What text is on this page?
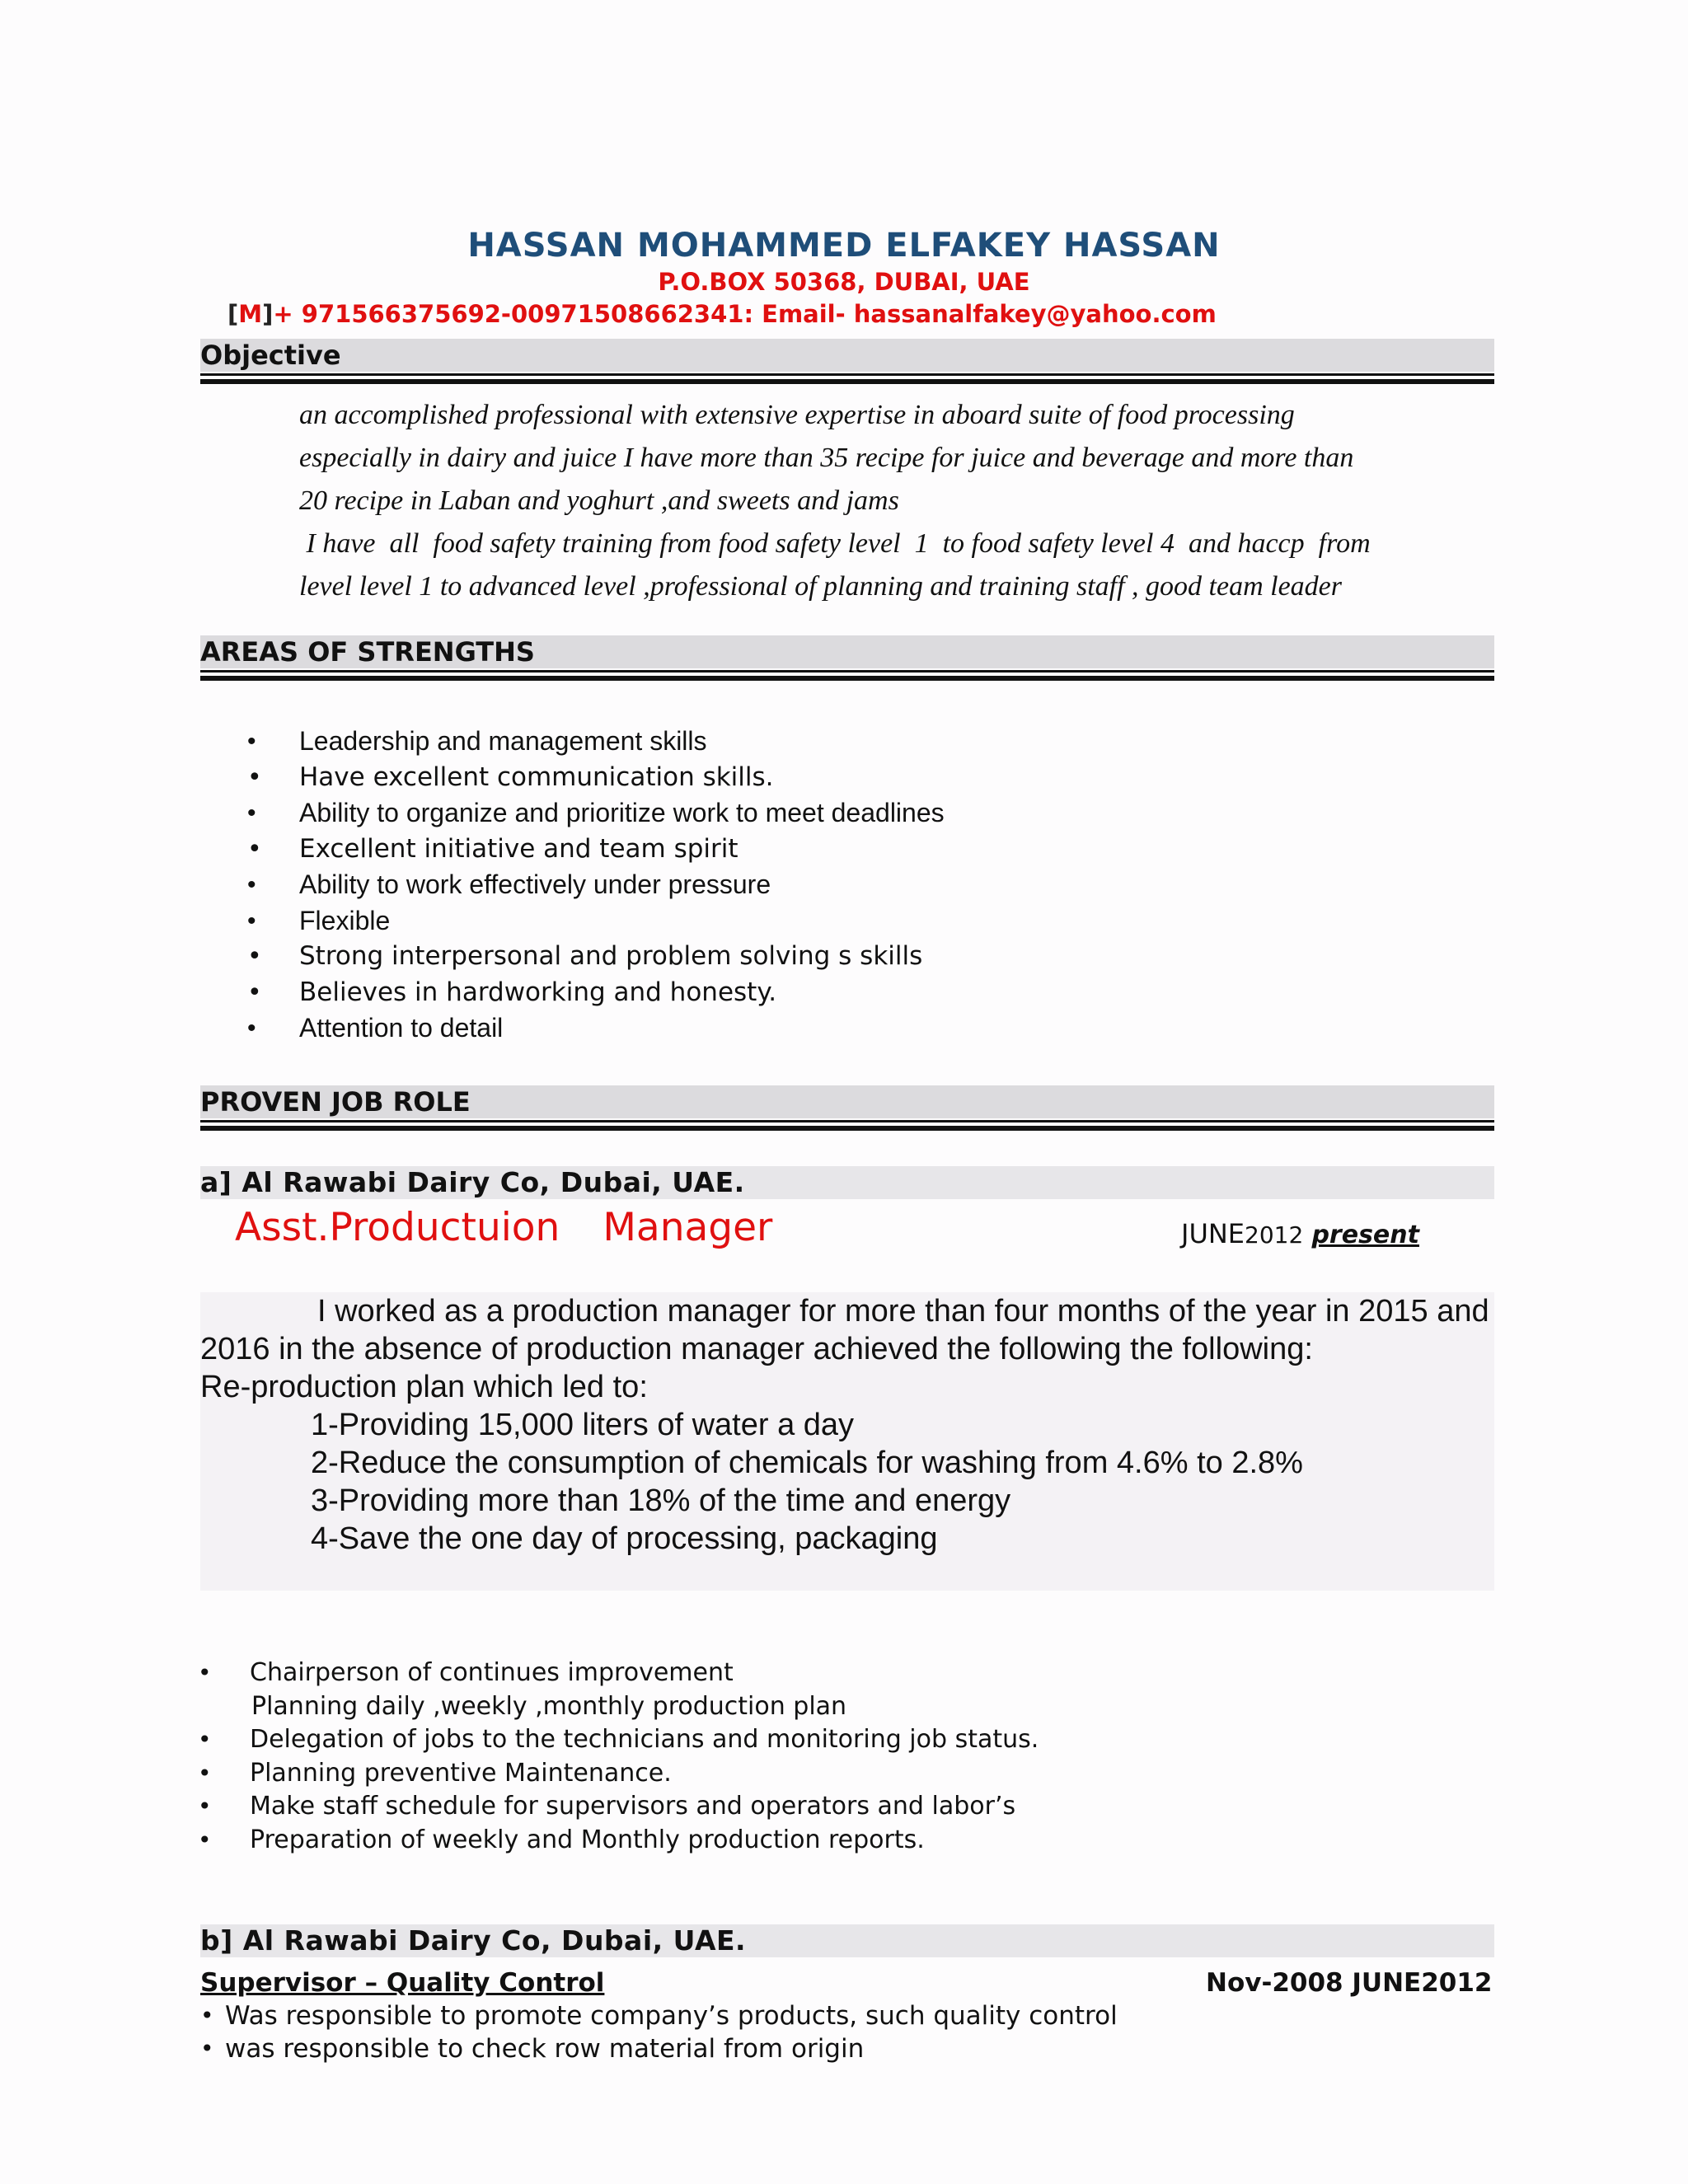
HASSAN MOHAMMED ELFAKEY HASSAN
P.O.BOX 50368, DUBAI, UAE
[M]+ 971566375692-00971508662341: Email- hassanalfakey@yahoo.com
Objective

an accomplished professional with extensive expertise in aboard suite of food processing

especially in dairy and juice I have more than 35 recipe for juice and beverage and more than

20 recipe in Laban and yoghurt ,and sweets and jams

I have  all  food safety training from food safety level  1  to food safety level 4  and haccp  from

level level 1 to advanced level ,professional of planning and training staff , good team leader

AREAS OF STRENGTHS
• Leadership and management skills
• Have excellent communication skills.
• Ability to organize and prioritize work to meet deadlines
• Excellent initiative and team spirit
• Ability to work effectively under pressure
• Flexible
• Strong interpersonal and problem solving s skills
• Believes in hardworking and honesty.
• Attention to detail
PROVEN JOB ROLE
a] Al Rawabi Dairy Co, Dubai, UAE.
Asst.Productuion Manager	JUNE2012 present

I worked as a production manager for more than four months of the year in 2015 and 2016 in the absence of production manager achieved the following the following:

Re-production plan which led to:

1-Providing 15,000 liters of water a day

2-Reduce the consumption of chemicals for washing from 4.6% to 2.8%

3-Providing more than 18% of the time and energy

4-Save the one day of processing, packaging

• Chairperson of continues improvement
Planning daily ,weekly ,monthly production plan
• Delegation of jobs to the technicians and monitoring job status.
• Planning preventive Maintenance.
• Make staff schedule for supervisors and operators and labor’s
• Preparation of weekly and Monthly production reports.
b] Al Rawabi Dairy Co, Dubai, UAE.
Supervisor – Quality Control	Nov-2008 JUNE2012
• Was responsible to promote company’s products, such quality control
• was responsible to check row material from origin
